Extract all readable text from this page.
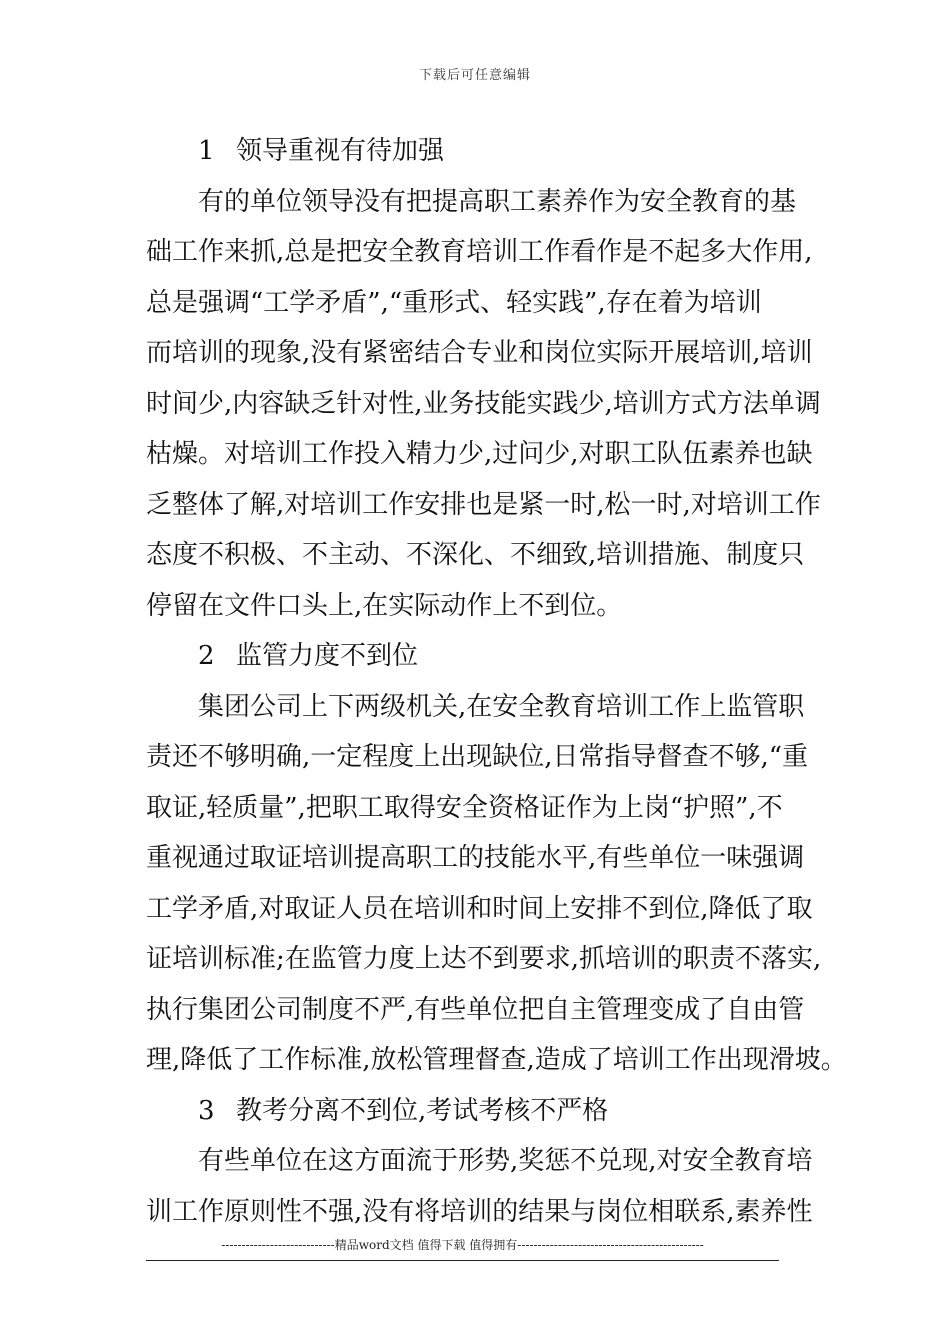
下载后可任意编辑
1 领导重视有待加强
有的单位领导没有把提高职工素养作为安全教育的基
础工作来抓,总是把安全教育培训工作看作是不起多大作用,
总是强调“工学矛盾”,“重形式、轻实践”,存在着为培训
而培训的现象,没有紧密结合专业和岗位实际开展培训,培训
时间少,内容缺乏针对性,业务技能实践少,培训方式方法单调
枯燥。对培训工作投入精力少,过问少,对职工队伍素养也缺
乏整体了解,对培训工作安排也是紧一时,松一时,对培训工作
态度不积极、不主动、不深化、不细致,培训措施、制度只
停留在文件口头上,在实际动作上不到位。
2 监管力度不到位
集团公司上下两级机关,在安全教育培训工作上监管职
责还不够明确,一定程度上出现缺位,日常指导督查不够,“重
取证,轻质量”,把职工取得安全资格证作为上岗“护照”,不
重视通过取证培训提高职工的技能水平,有些单位一味强调
工学矛盾,对取证人员在培训和时间上安排不到位,降低了取
证培训标准;在监管力度上达不到要求,抓培训的职责不落实,
执行集团公司制度不严,有些单位把自主管理变成了自由管
理,降低了工作标准,放松管理督查,造成了培训工作出现滑坡。
3 教考分离不到位,考试考核不严格
有些单位在这方面流于形势,奖惩不兑现,对安全教育培
训工作原则性不强,没有将培训的结果与岗位相联系,素养性
----------------------------精品word文档 值得下载 值得拥有----------------------------------------------
